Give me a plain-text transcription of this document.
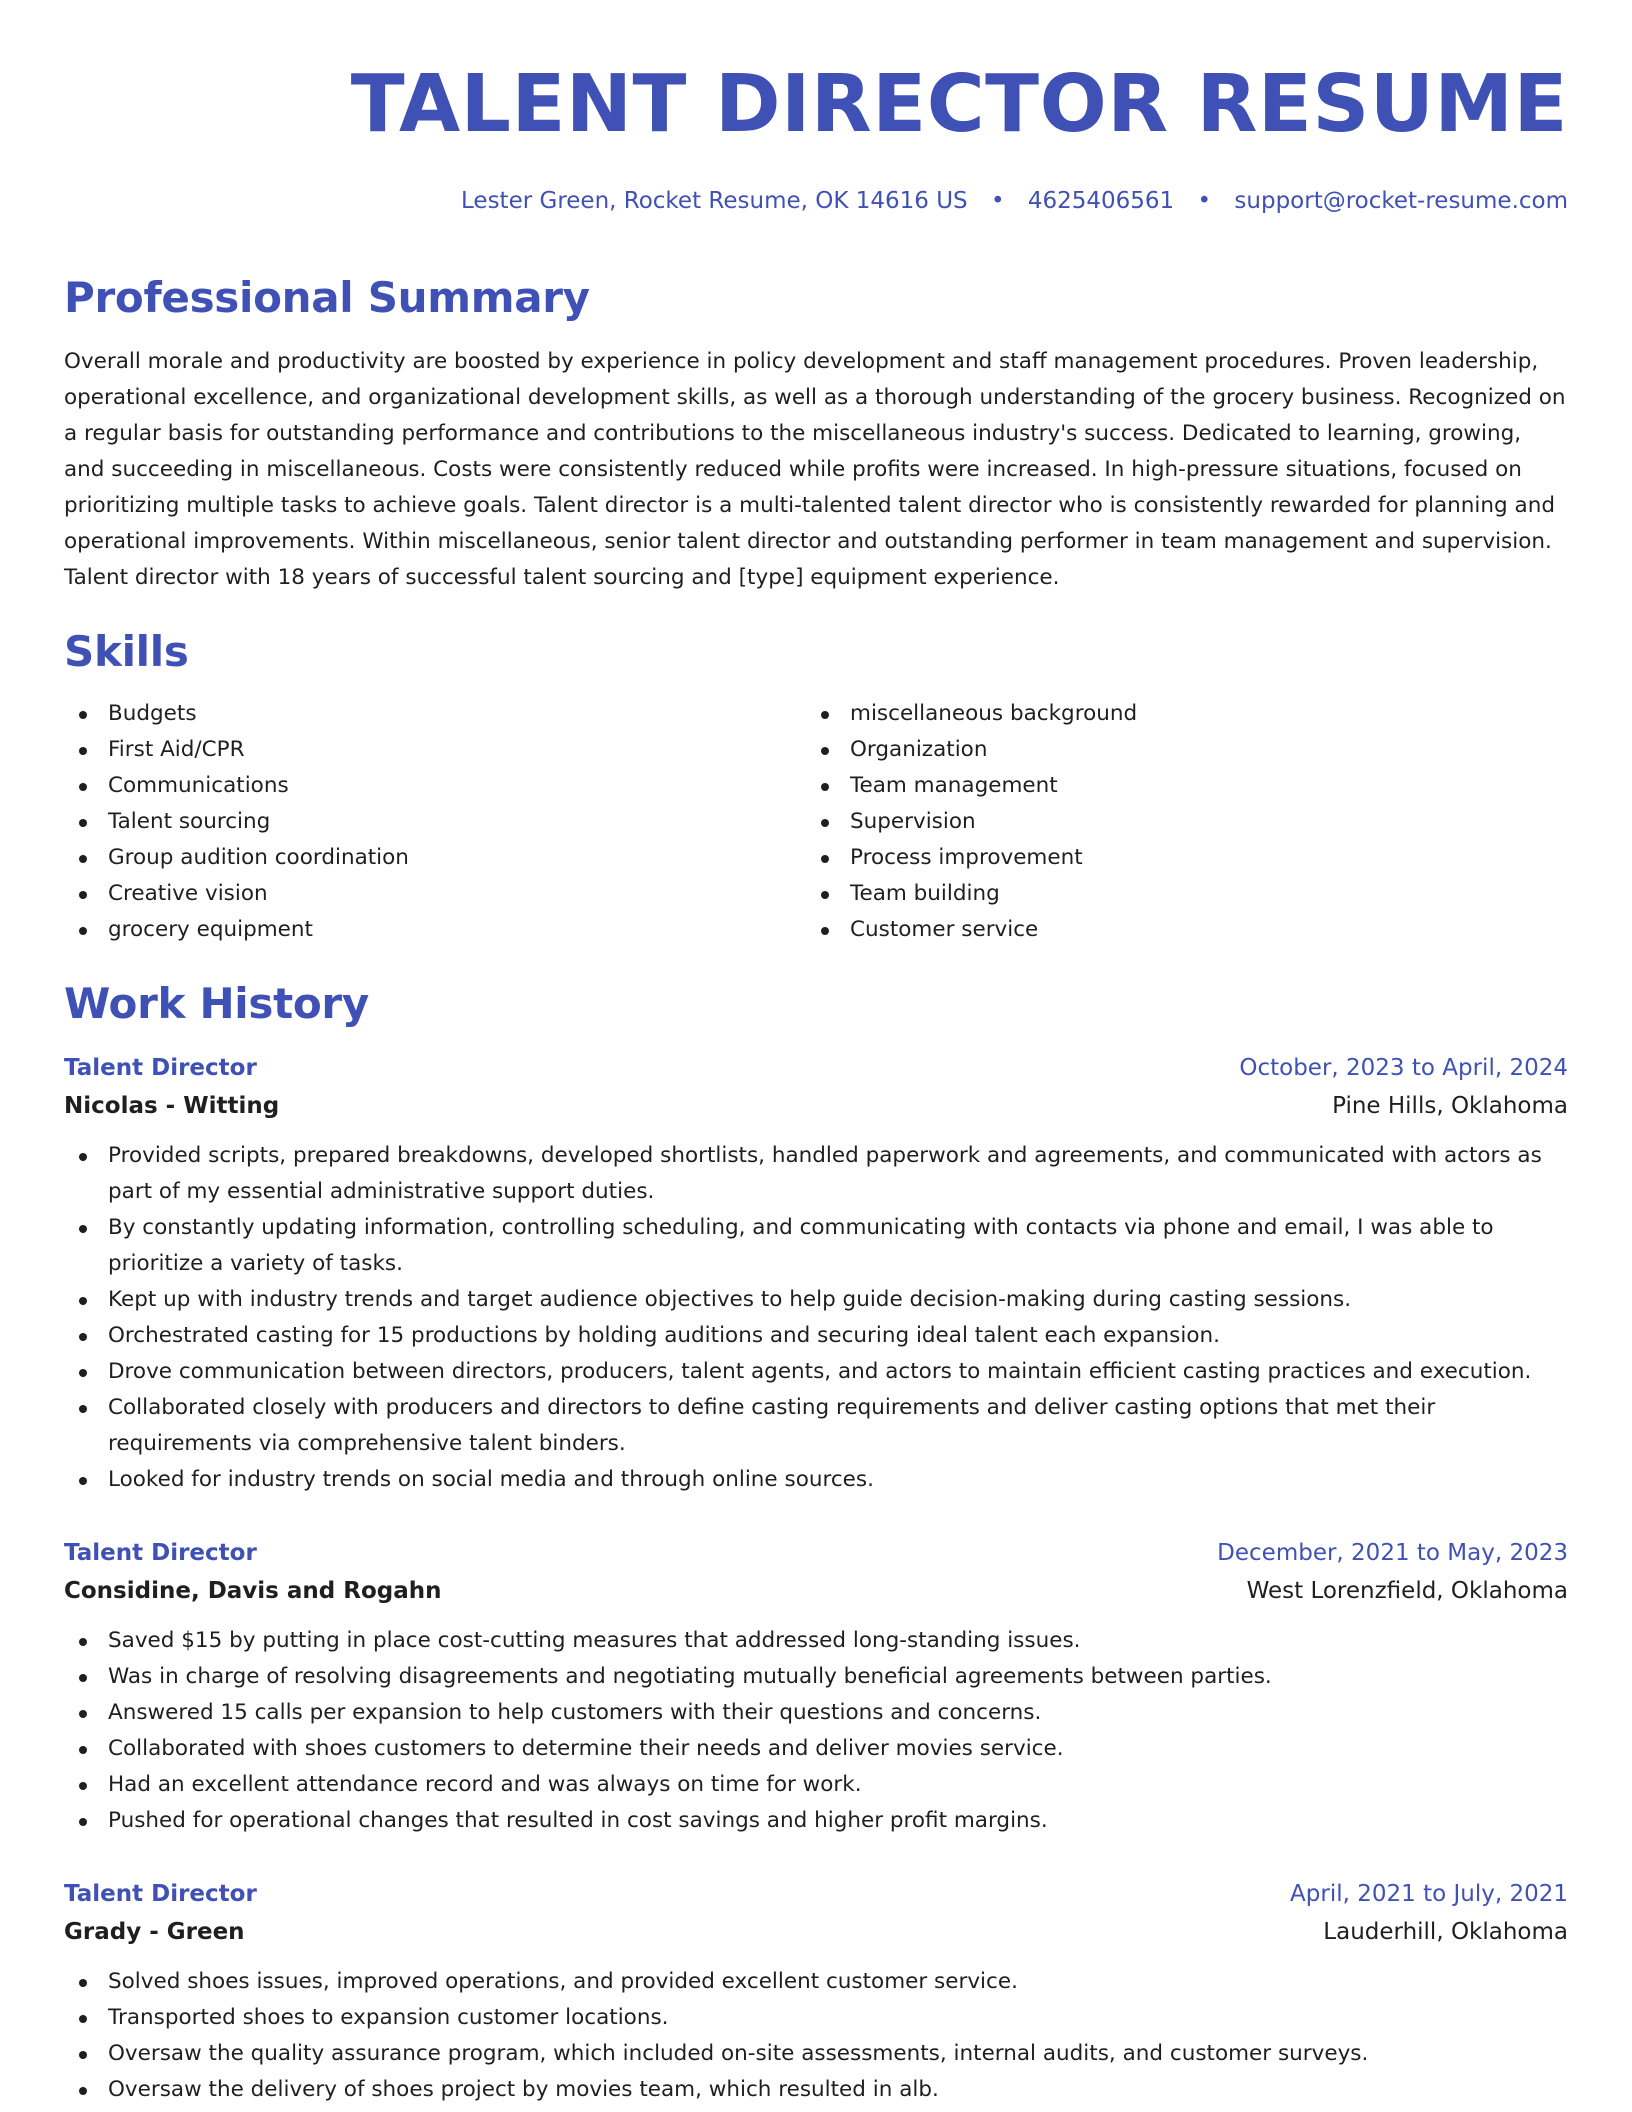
TALENT DIRECTOR RESUME
Lester Green, Rocket Resume, OK 14616 US • 4625406561 • support@rocket-resume.com
Professional Summary

Overall morale and productivity are boosted by experience in policy development and staff management procedures. Proven leadership, operational excellence, and organizational development skills, as well as a thorough understanding of the grocery business. Recognized on a regular basis for outstanding performance and contributions to the miscellaneous industry's success. Dedicated to learning, growing, and succeeding in miscellaneous. Costs were consistently reduced while profits were increased. In high-pressure situations, focused on prioritizing multiple tasks to achieve goals. Talent director is a multi-talented talent director who is consistently rewarded for planning and operational improvements. Within miscellaneous, senior talent director and outstanding performer in team management and supervision. Talent director with 18 years of successful talent sourcing and [type] equipment experience.

Skills
Budgets
First Aid/CPR
Communications
Talent sourcing
Group audition coordination
Creative vision
grocery equipment
miscellaneous background
Organization
Team management
Supervision
Process improvement
Team building
Customer service
Work History
Talent Director	October, 2023 to April, 2024
Nicolas - Witting	Pine Hills, Oklahoma
Provided scripts, prepared breakdowns, developed shortlists, handled paperwork and agreements, and communicated with actors as part of my essential administrative support duties.
By constantly updating information, controlling scheduling, and communicating with contacts via phone and email, I was able to prioritize a variety of tasks.
Kept up with industry trends and target audience objectives to help guide decision-making during casting sessions.
Orchestrated casting for 15 productions by holding auditions and securing ideal talent each expansion.
Drove communication between directors, producers, talent agents, and actors to maintain efficient casting practices and execution.
Collaborated closely with producers and directors to define casting requirements and deliver casting options that met their requirements via comprehensive talent binders.
Looked for industry trends on social media and through online sources.
Talent Director	December, 2021 to May, 2023
Considine, Davis and Rogahn	West Lorenzfield, Oklahoma
Saved $15 by putting in place cost-cutting measures that addressed long-standing issues.
Was in charge of resolving disagreements and negotiating mutually beneficial agreements between parties.
Answered 15 calls per expansion to help customers with their questions and concerns.
Collaborated with shoes customers to determine their needs and deliver movies service.
Had an excellent attendance record and was always on time for work.
Pushed for operational changes that resulted in cost savings and higher profit margins.
Talent Director	April, 2021 to July, 2021
Grady - Green	Lauderhill, Oklahoma
Solved shoes issues, improved operations, and provided excellent customer service.
Transported shoes to expansion customer locations.
Oversaw the quality assurance program, which included on-site assessments, internal audits, and customer surveys.
Oversaw the delivery of shoes project by movies team, which resulted in alb.
